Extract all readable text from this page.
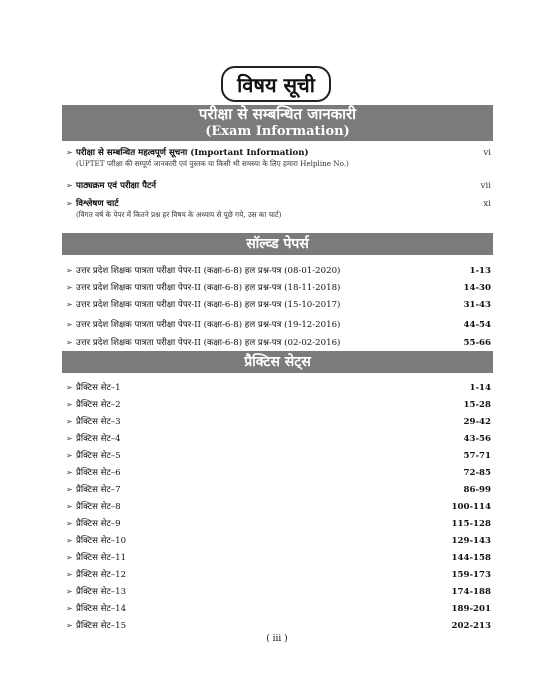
विषय सूची
परीक्षा से सम्बन्धित जानकारी
(Exam Information)
➢ परीक्षा से सम्बन्धित महत्वपूर्ण सूचना (Important Information)	vi
(UPTET परीक्षा की सम्पूर्ण जानकारी एवं पुस्तक या किसी भी समस्या के लिए हमारा Helpline No.)
➢ पाठ्यक्रम एवं परीक्षा पैटर्न	vii
➢ विश्लेषण चार्ट	xi
(विगत वर्ष के पेपर में कितने प्रश्न हर विषय के अध्याय से पूछे गये, उस का चार्ट)
सॉल्व्ड पेपर्स
➢ उत्तर प्रदेश शिक्षक पात्रता परीक्षा पेपर-II (कक्षा-6-8) हल प्रश्न-पत्र (08-01-2020)	1-13
➢ उत्तर प्रदेश शिक्षक पात्रता परीक्षा पेपर-II (कक्षा-6-8) हल प्रश्न-पत्र (18-11-2018)	14-30
➢ उत्तर प्रदेश शिक्षक पात्रता परीक्षा पेपर-II (कक्षा-6-8) हल प्रश्न-पत्र (15-10-2017)	31-43
➢ उत्तर प्रदेश शिक्षक पात्रता परीक्षा पेपर-II (कक्षा-6-8) हल प्रश्न-पत्र (19-12-2016)	44-54
➢ उत्तर प्रदेश शिक्षक पात्रता परीक्षा पेपर-II (कक्षा-6-8) हल प्रश्न-पत्र (02-02-2016)	55-66
प्रैक्टिस सेट्स
➢ प्रैक्टिस सेट–1	1-14
➢ प्रैक्टिस सेट–2	15-28
➢ प्रैक्टिस सेट–3	29-42
➢ प्रैक्टिस सेट–4	43-56
➢ प्रैक्टिस सेट–5	57-71
➢ प्रैक्टिस सेट–6	72-85
➢ प्रैक्टिस सेट–7	86-99
➢ प्रैक्टिस सेट–8	100-114
➢ प्रैक्टिस सेट–9	115-128
➢ प्रैक्टिस सेट–10	129-143
➢ प्रैक्टिस सेट–11	144-158
➢ प्रैक्टिस सेट–12	159-173
➢ प्रैक्टिस सेट–13	174-188
➢ प्रैक्टिस सेट–14	189-201
➢ प्रैक्टिस सेट–15	202-213
( iii )
